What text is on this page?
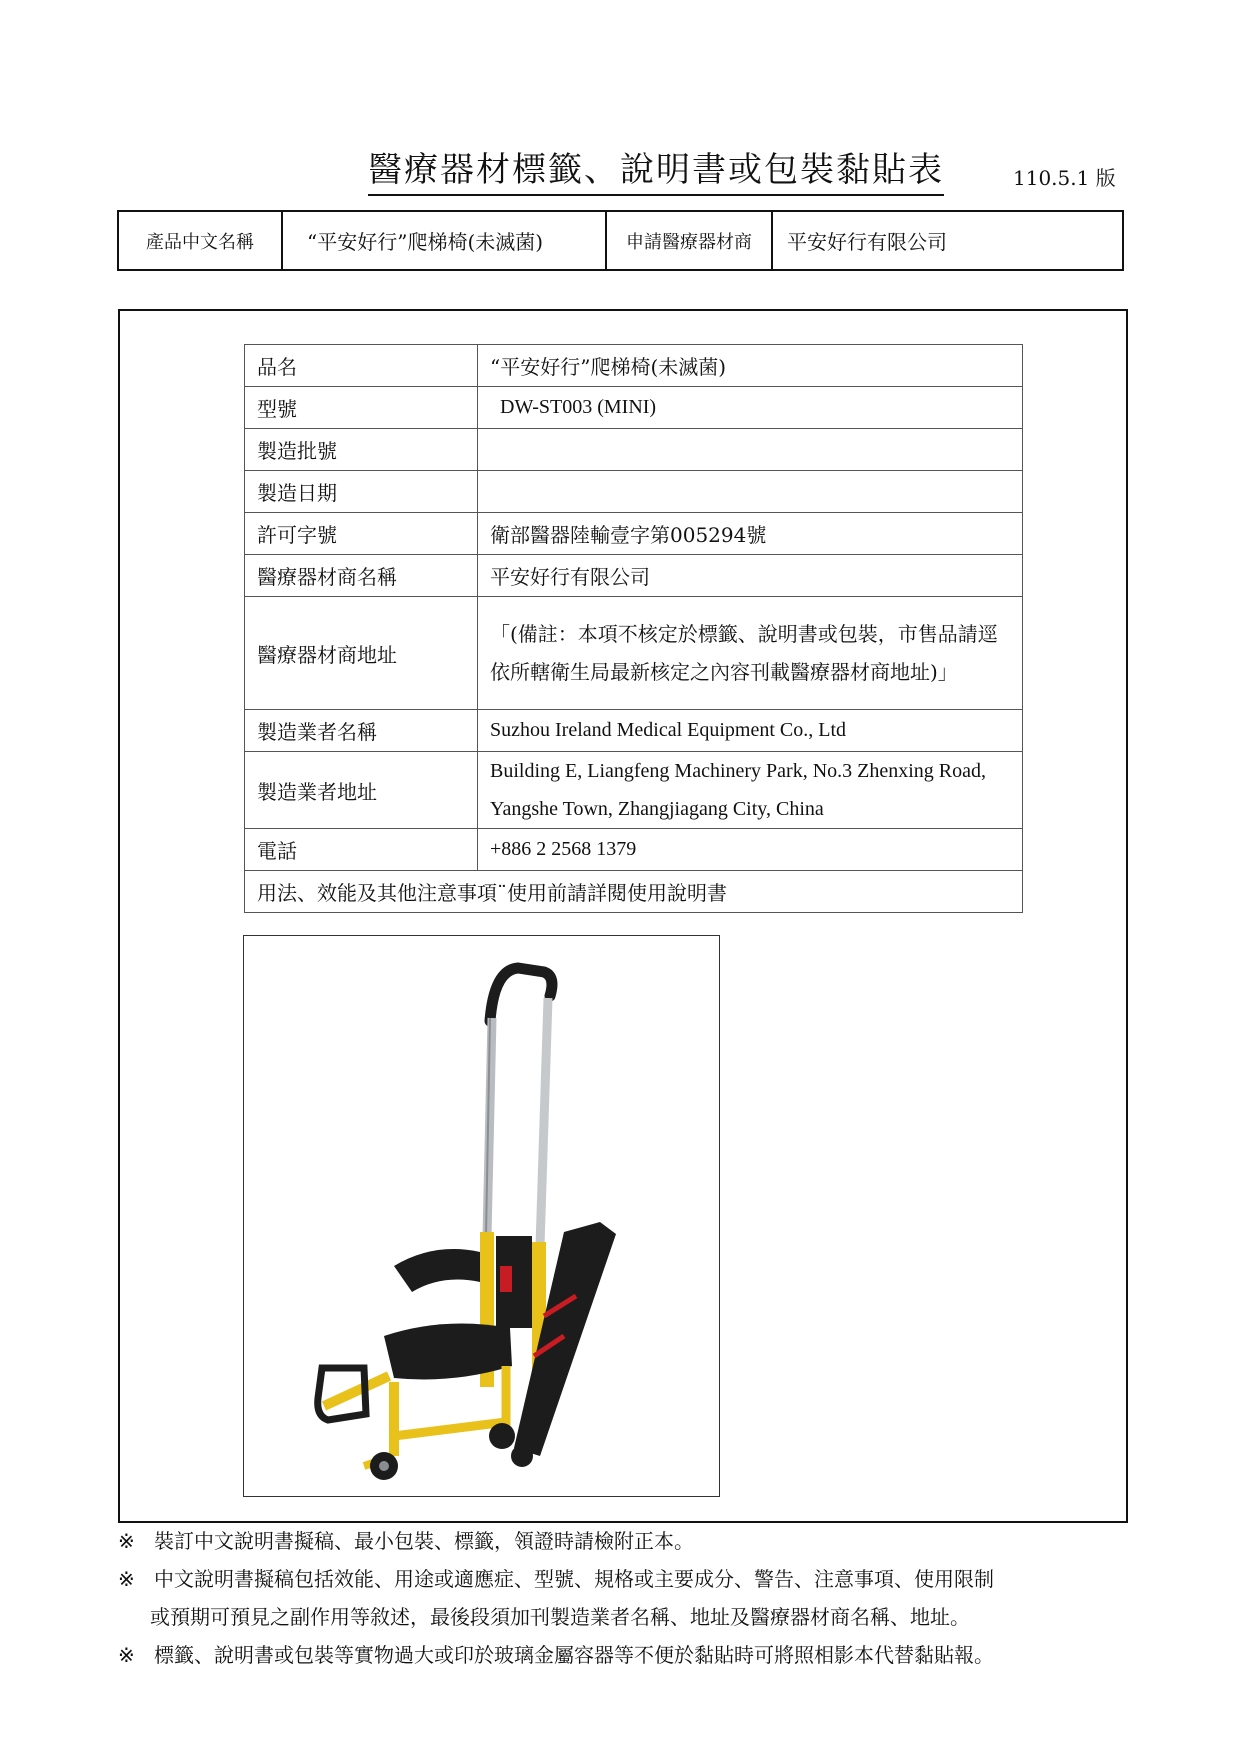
醫療器材標籤、說明書或包裝黏貼表	110.5.1 版
產品中文名稱	“平安好行”爬梯椅(未滅菌)	申請醫療器材商	平安好行有限公司
品名	“平安好行”爬梯椅(未滅菌)
型號	DW-ST003 (MINI)
製造批號	
製造日期	
許可字號	衛部醫器陸輸壹字第005294號
醫療器材商名稱	平安好行有限公司
醫療器材商地址	「(備註：本項不核定於標籤、說明書或包裝，市售品請逕依所轄衛生局最新核定之內容刊載醫療器材商地址)」
製造業者名稱	Suzhou Ireland Medical Equipment Co., Ltd
製造業者地址	Building E, Liangfeng Machinery Park, No.3 Zhenxing Road, Yangshe Town, Zhangjiagang City, China
電話	+886 2 2568 1379
用法、效能及其他注意事項¨使用前請詳閱使用說明書	
※ 裝訂中文說明書擬稿、最小包裝、標籤，領證時請檢附正本。
※ 中文說明書擬稿包括效能、用途或適應症、型號、規格或主要成分、警告、注意事項、使用限制
或預期可預見之副作用等敘述，最後段須加刊製造業者名稱、地址及醫療器材商名稱、地址。
※ 標籤、說明書或包裝等實物過大或印於玻璃金屬容器等不便於黏貼時可將照相影本代替黏貼報。
